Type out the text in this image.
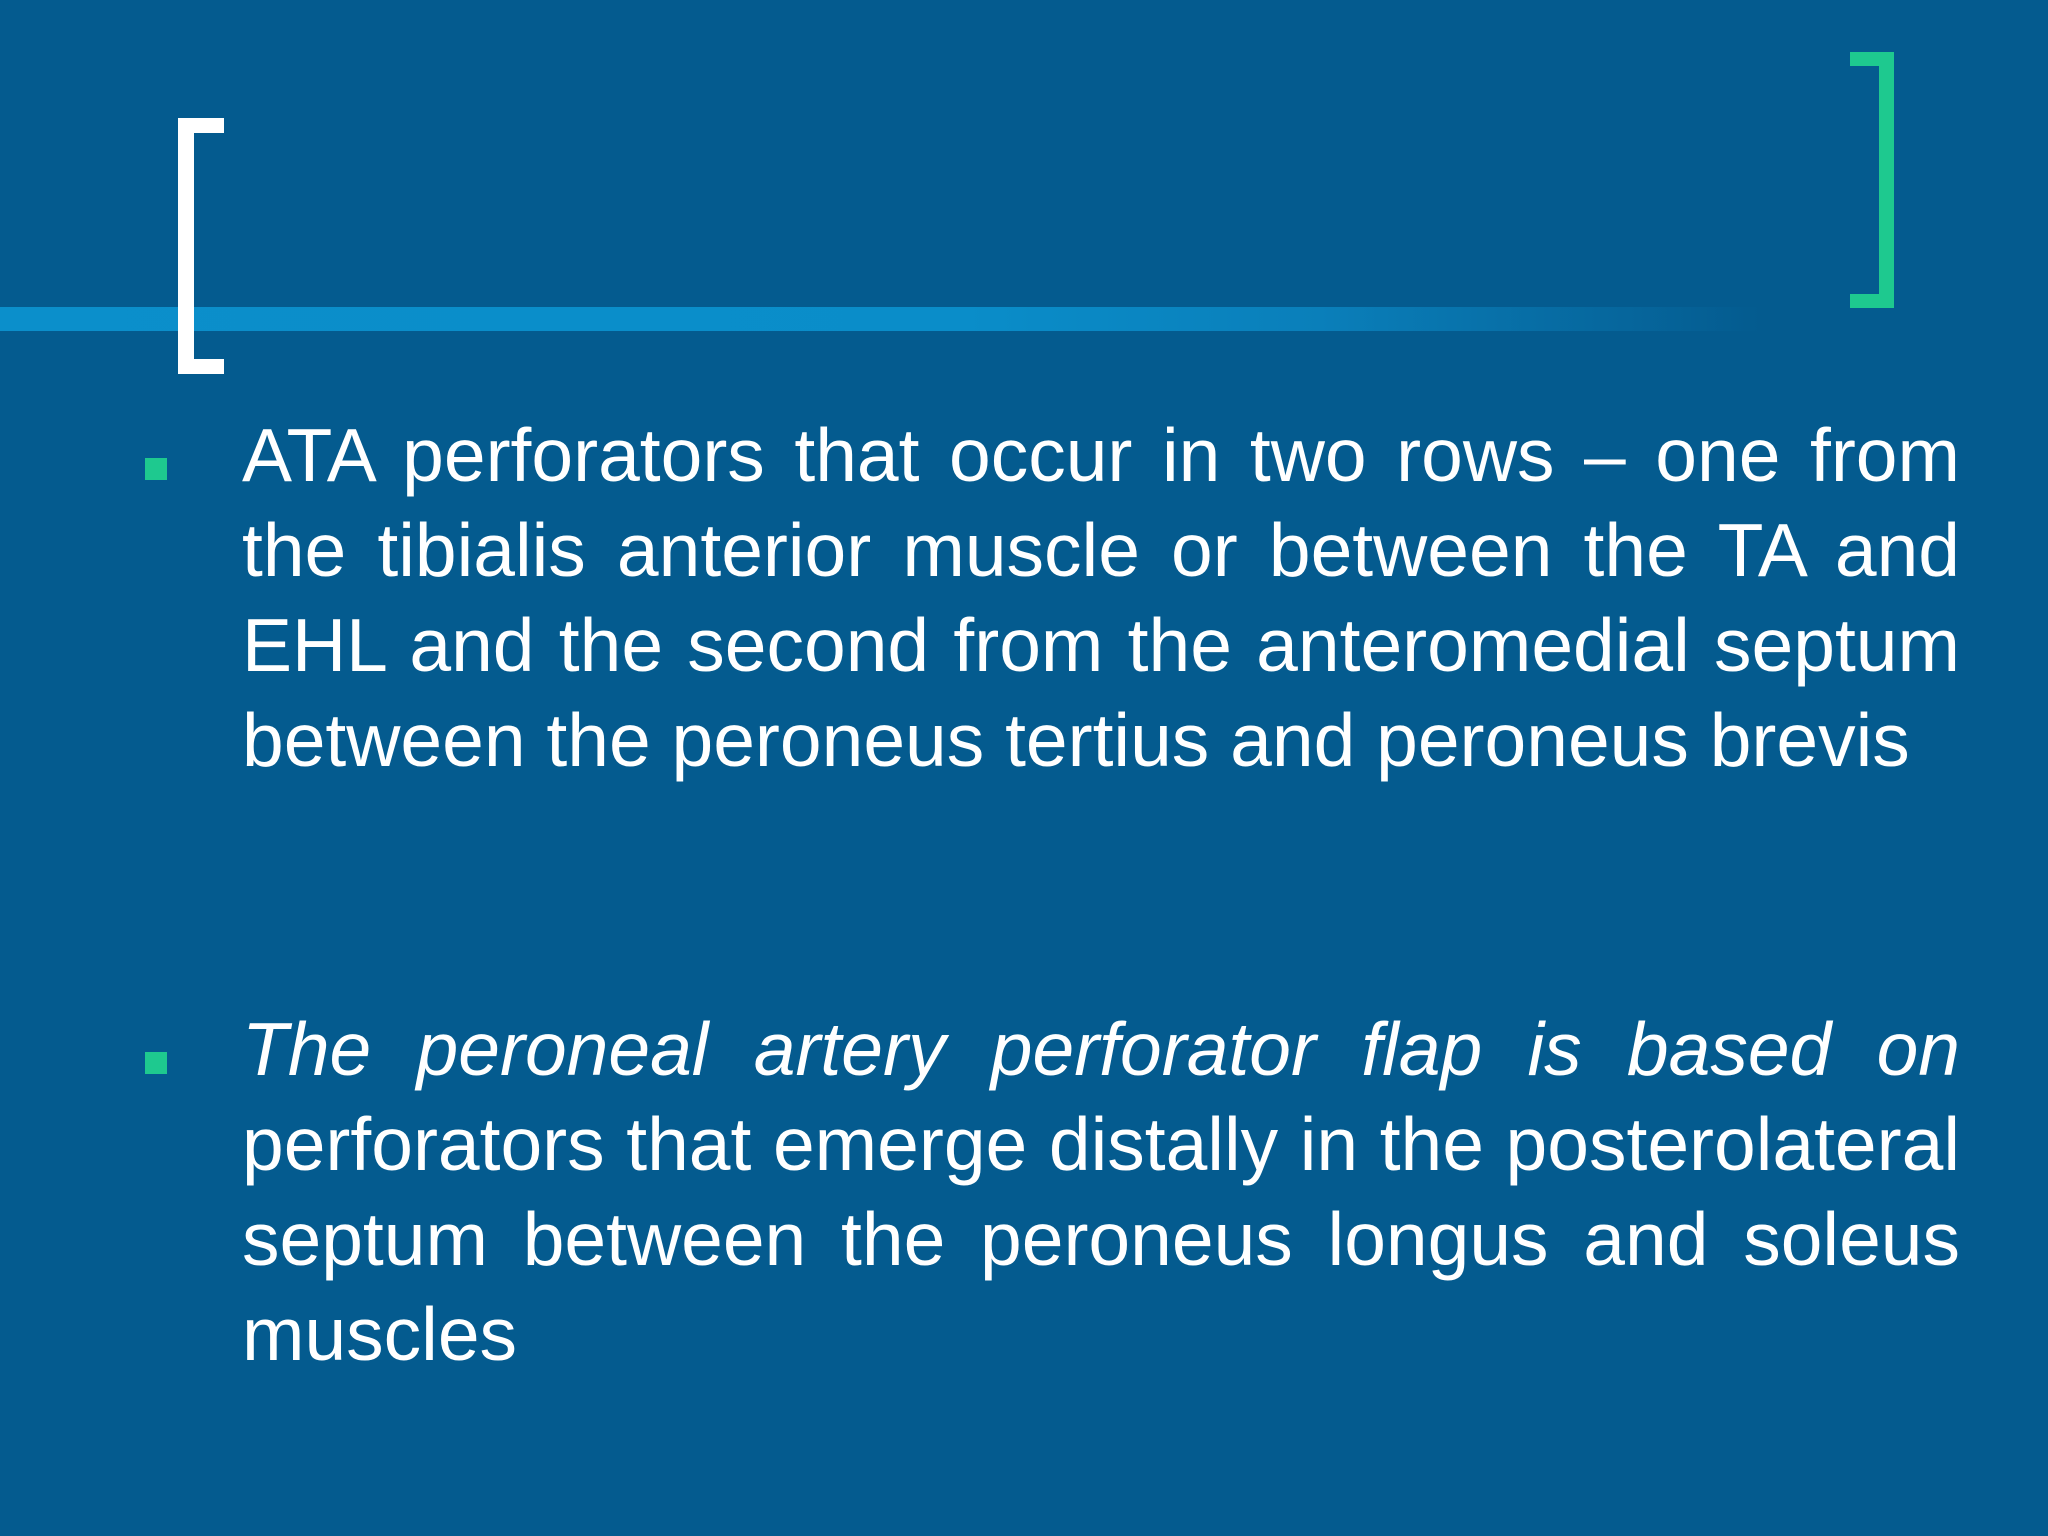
ATA perforators that occur in two rows – one from the tibialis anterior muscle or between the TA and EHL and the second from the anteromedial septum between the peroneus tertius and peroneus brevis

The peroneal artery perforator flap is based on perforators that emerge distally in the posterolateral septum between the peroneus longus and soleus muscles
